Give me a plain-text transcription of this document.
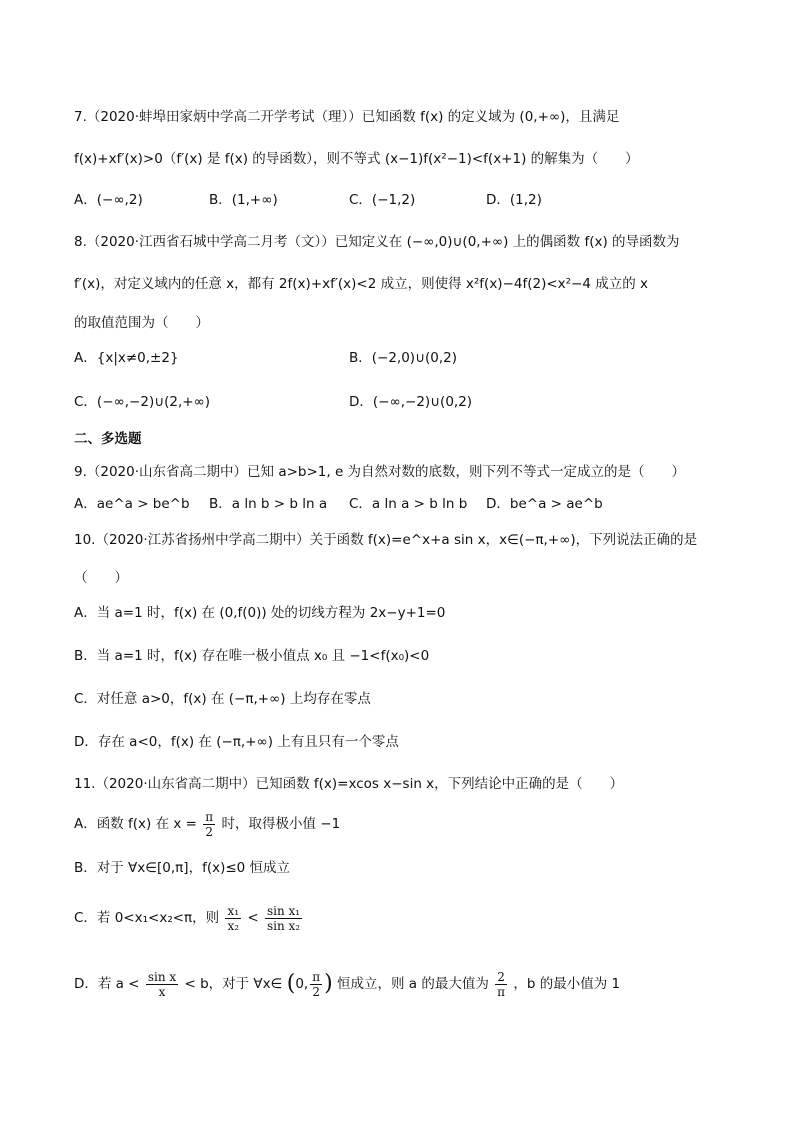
7.（2020·蚌埠田家炳中学高二开学考试（理））已知函数 f(x) 的定义域为 (0,+∞)，且满足
f(x)+xf′(x)>0（f′(x) 是 f(x) 的导函数），则不等式 (x−1)f(x²−1)<f(x+1) 的解集为（　　）
A．(−∞,2)	B．(1,+∞)	C．(−1,2)	D．(1,2)
8.（2020·江西省石城中学高二月考（文））已知定义在 (−∞,0)∪(0,+∞) 上的偶函数 f(x) 的导函数为
f′(x)，对定义域内的任意 x，都有 2f(x)+xf′(x)<2 成立，则使得 x²f(x)−4f(2)<x²−4 成立的 x
的取值范围为（　　）
A．{x|x≠0,±2}	B．(−2,0)∪(0,2)
C．(−∞,−2)∪(2,+∞)	D．(−∞,−2)∪(0,2)
二、多选题
9.（2020·山东省高二期中）已知 a>b>1, e 为自然对数的底数，则下列不等式一定成立的是（　　）
A．ae^a > be^b B．a ln b > b ln a C．a ln a > b ln b D．be^a > ae^b
10.（2020·江苏省扬州中学高二期中）关于函数 f(x)=e^x+a sin x，x∈(−π,+∞)，下列说法正确的是
（　　）
A．当 a=1 时，f(x) 在 (0,f(0)) 处的切线方程为 2x−y+1=0
B．当 a=1 时，f(x) 存在唯一极小值点 x₀ 且 −1<f(x₀)<0
C．对任意 a>0，f(x) 在 (−π,+∞) 上均存在零点
D．存在 a<0，f(x) 在 (−π,+∞) 上有且只有一个零点
11.（2020·山东省高二期中）已知函数 f(x)=xcos x−sin x，下列结论中正确的是（　　）
A．函数 f(x) 在 $x = \frac{\pi}{2}$ 时，取得极小值 −1
B．对于 ∀x∈[0,π]，f(x)≤0 恒成立
C．若 0<x₁<x₂<π，则 $\frac{\text{x₁}}{\text{x₂}} < \frac{\text{sin x₁}}{\text{sin x₂}}$
D．若 $a < \frac{\text{sin x}}{x} < b$，对于 ∀x∈ (0, $\frac{\pi}{2}$ ) 恒成立，则 a 的最大值为 $\frac{2}{\pi}$ ，b 的最小值为 1
